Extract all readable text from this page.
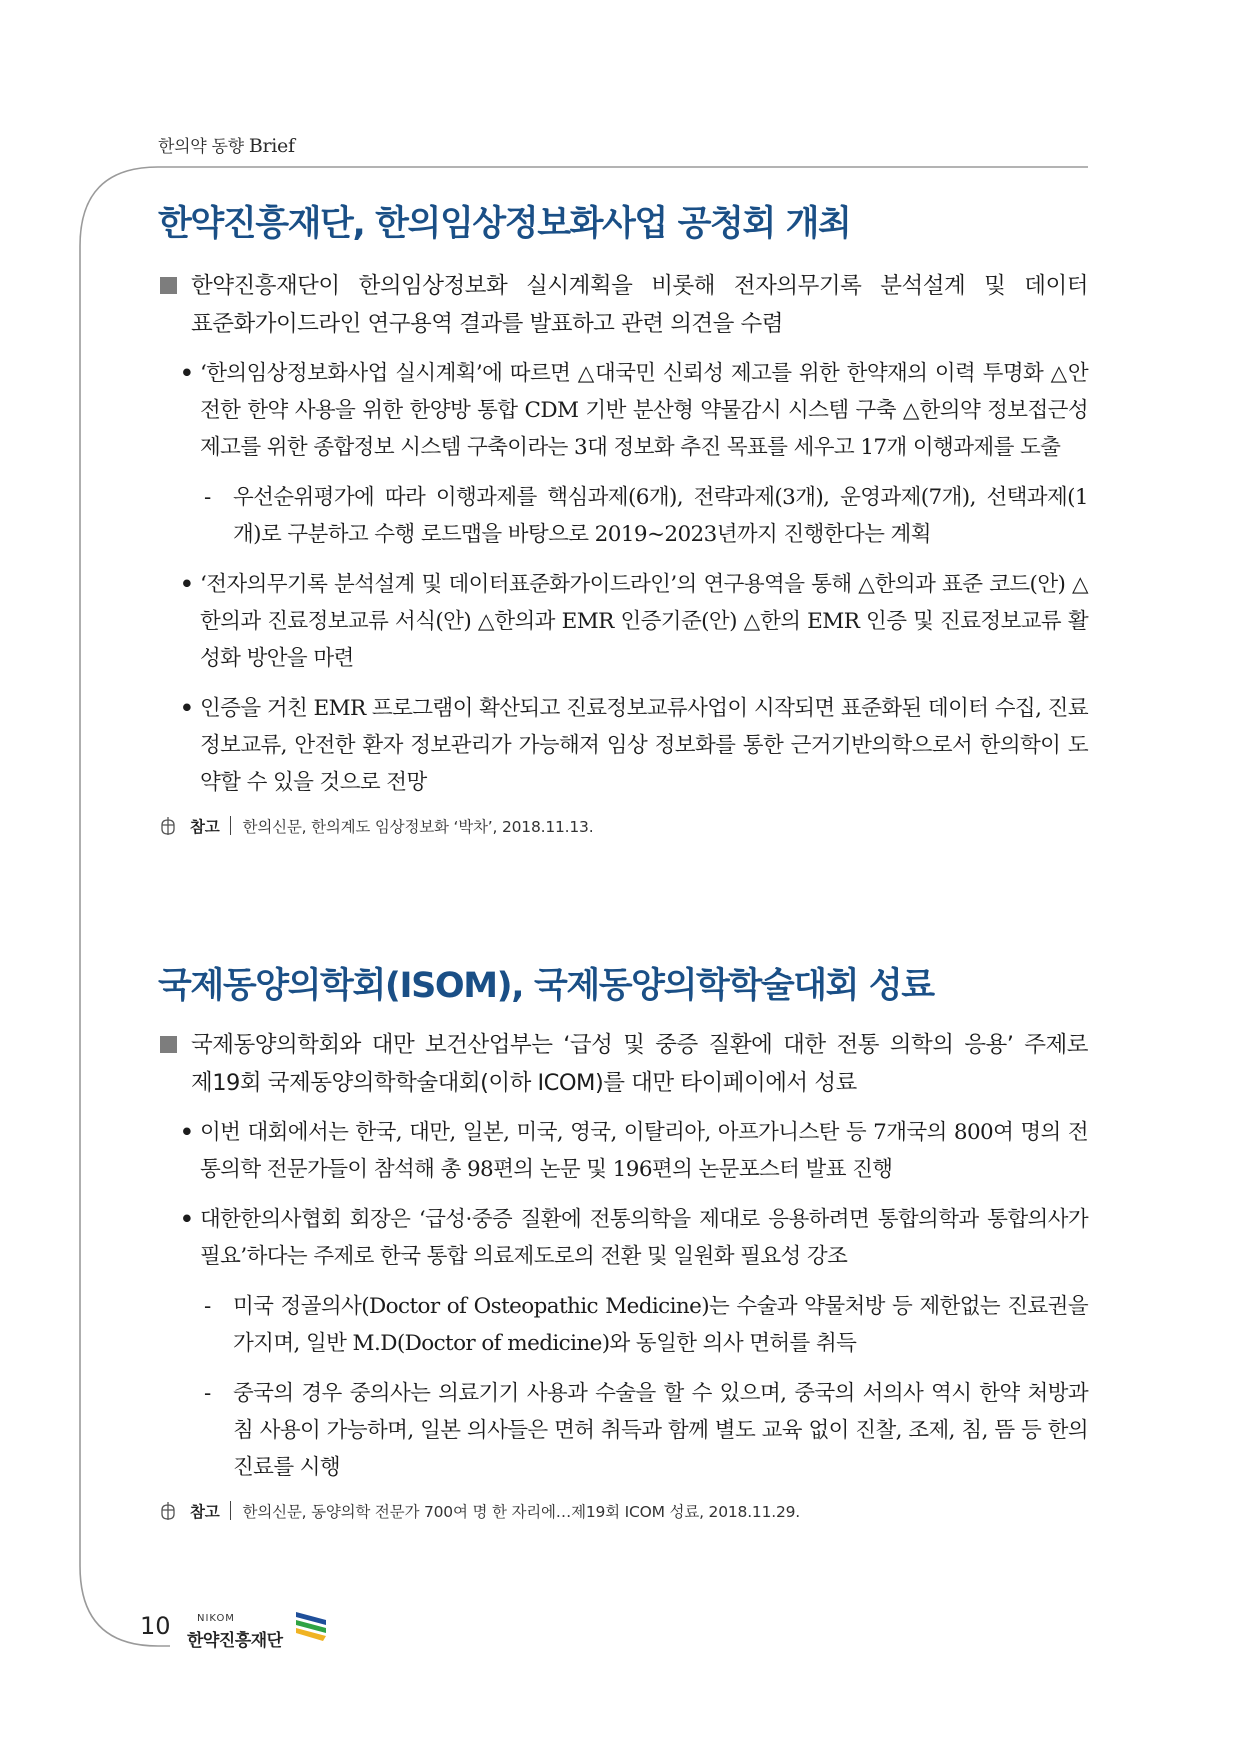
한의약 동향 Brief
한약진흥재단, 한의임상정보화사업 공청회 개최

한약진흥재단이 한의임상정보화 실시계획을 비롯해 전자의무기록 분석설계 및 데이터
표준화가이드라인 연구용역 결과를 발표하고 관련 의견을 수렴

• ‘한의임상정보화사업 실시계획’에 따르면 △대국민 신뢰성 제고를 위한 한약재의 이력 투명화 △안전한 한약 사용을 위한 한양방 통합 CDM 기반 분산형 약물감시 시스템 구축 △한의약 정보접근성 제고를 위한 종합정보 시스템 구축이라는 3대 정보화 추진 목표를 세우고 17개 이행과제를 도출

- 우선순위평가에 따라 이행과제를 핵심과제(6개), 전략과제(3개), 운영과제(7개), 선택과제(1개)로 구분하고 수행 로드맵을 바탕으로 2019~2023년까지 진행한다는 계획

• ‘전자의무기록 분석설계 및 데이터표준화가이드라인’의 연구용역을 통해 △한의과 표준 코드(안) △한의과 진료정보교류 서식(안) △한의과 EMR 인증기준(안) △한의 EMR 인증 및 진료정보교류 활성화 방안을 마련

• 인증을 거친 EMR 프로그램이 확산되고 진료정보교류사업이 시작되면 표준화된 데이터 수집, 진료정보교류, 안전한 환자 정보관리가 가능해져 임상 정보화를 통한 근거기반의학으로서 한의학이 도약할 수 있을 것으로 전망

참고 한의신문, 한의계도 임상정보화 ‘박차’, 2018.11.13.
국제동양의학회(ISOM), 국제동양의학학술대회 성료

국제동양의학회와 대만 보건산업부는 ‘급성 및 중증 질환에 대한 전통 의학의 응용’ 주제로
제19회 국제동양의학학술대회(이하 ICOM)를 대만 타이페이에서 성료

• 이번 대회에서는 한국, 대만, 일본, 미국, 영국, 이탈리아, 아프가니스탄 등 7개국의 800여 명의 전통의학 전문가들이 참석해 총 98편의 논문 및 196편의 논문포스터 발표 진행

• 대한한의사협회 회장은 ‘급성·중증 질환에 전통의학을 제대로 응용하려면 통합의학과 통합의사가 필요’하다는 주제로 한국 통합 의료제도로의 전환 및 일원화 필요성 강조

- 미국 정골의사(Doctor of Osteopathic Medicine)는 수술과 약물처방 등 제한없는 진료권을 가지며, 일반 M.D(Doctor of medicine)와 동일한 의사 면허를 취득

- 중국의 경우 중의사는 의료기기 사용과 수술을 할 수 있으며, 중국의 서의사 역시 한약 처방과 침 사용이 가능하며, 일본 의사들은 면허 취득과 함께 별도 교육 없이 진찰, 조제, 침, 뜸 등 한의진료를 시행

참고 한의신문, 동양의학 전문가 700여 명 한 자리에…제19회 ICOM 성료, 2018.11.29.
10	NIKOM
한약진흥재단
